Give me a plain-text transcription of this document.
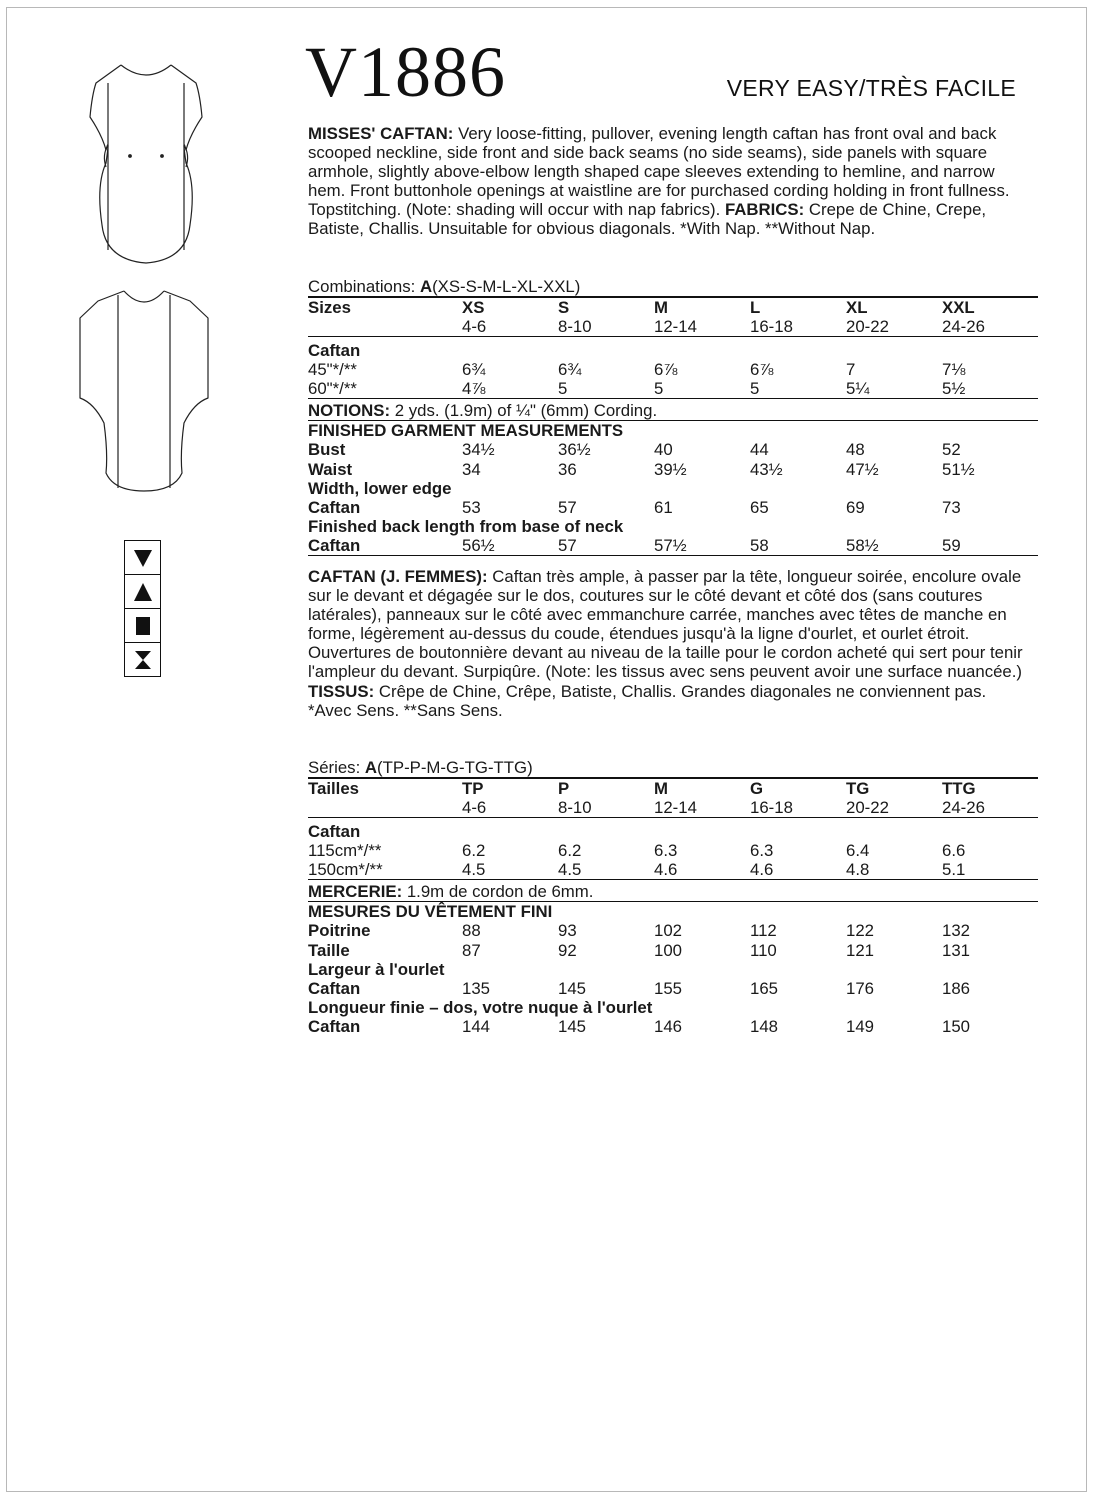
V1886	VERY EASY/TRÈS FACILE
MISSES' CAFTAN: Very loose-fitting, pullover, evening length caftan has front oval and back scooped neckline, side front and side back seams (no side seams), side panels with square armhole, slightly above-elbow length shaped cape sleeves extending to hemline, and narrow hem. Front buttonhole openings at waistline are for purchased cording holding in front fullness. Topstitching. (Note: shading will occur with nap fabrics). FABRICS: Crepe de Chine, Crepe, Batiste, Challis. Unsuitable for obvious diagonals. *With Nap. **Without Nap.
Combinations: A(XS-S-M-L-XL-XXL)
Sizes	XS	S	M	L	XL	XXL
	4-6	8-10	12-14	16-18	20-22	24-26
Caftan						
45"*/**	6¾	6¾	6⅞	6⅞	7	7⅛
60"*/**	4⅞	5	5	5	5¼	5½
NOTIONS: 2 yds. (1.9m) of ¼" (6mm) Cording.						
FINISHED GARMENT MEASUREMENTS						
Bust	34½	36½	40	44	48	52
Waist	34	36	39½	43½	47½	51½
Width, lower edge						
Caftan	53	57	61	65	69	73
Finished back length from base of neck						
Caftan	56½	57	57½	58	58½	59

CAFTAN (J. FEMMES): Caftan très ample, à passer par la tête, longueur soirée, encolure ovale sur le devant et dégagée sur le dos, coutures sur le côté devant et côté dos (sans coutures latérales), panneaux sur le côté avec emmanchure carrée, manches avec têtes de manche en forme, légèrement au-dessus du coude, étendues jusqu'à la ligne d'ourlet, et ourlet étroit. Ouvertures de boutonnière devant au niveau de la taille pour le cordon acheté qui sert pour tenir l'ampleur du devant. Surpiqûre. (Note: les tissus avec sens peuvent avoir une surface nuancée.) TISSUS: Crêpe de Chine, Crêpe, Batiste, Challis. Grandes diagonales ne conviennent pas. *Avec Sens. **Sans Sens.
Séries: A(TP-P-M-G-TG-TTG)
Tailles	TP	P	M	G	TG	TTG
	4-6	8-10	12-14	16-18	20-22	24-26
Caftan						
115cm*/**	6.2	6.2	6.3	6.3	6.4	6.6
150cm*/**	4.5	4.5	4.6	4.6	4.8	5.1
MERCERIE: 1.9m de cordon de 6mm.						
MESURES DU VÊTEMENT FINI						
Poitrine	88	93	102	112	122	132
Taille	87	92	100	110	121	131
Largeur à l'ourlet						
Caftan	135	145	155	165	176	186
Longueur finie – dos, votre nuque à l'ourlet						
Caftan	144	145	146	148	149	150
